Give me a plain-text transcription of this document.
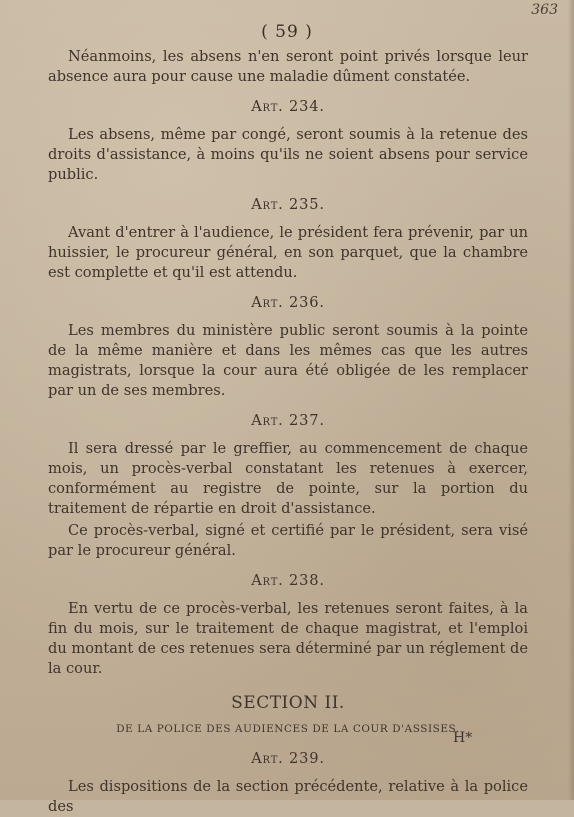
363
( 59 )

Néanmoins, les absens n'en seront point privés lorsque leur absence aura pour cause une maladie dûment constatée.

Art. 234.

Les absens, même par congé, seront soumis à la retenue des droits d'assistance, à moins qu'ils ne soient absens pour service public.

Art. 235.

Avant d'entrer à l'audience, le président fera prévenir, par un huissier, le procureur général, en son parquet, que la chambre est complette et qu'il est attendu.

Art. 236.

Les membres du ministère public seront soumis à la pointe de la même manière et dans les mêmes cas que les autres magistrats, lorsque la cour aura été obligée de les remplacer par un de ses membres.

Art. 237.

Il sera dressé par le greffier, au commencement de chaque mois, un procès-verbal constatant les retenues à exercer, conformément au registre de pointe, sur la portion du traitement de répartie en droit d'assistance.

Ce procès-verbal, signé et certifié par le président, sera visé par le procureur général.

Art. 238.

En vertu de ce procès-verbal, les retenues seront faites, à la fin du mois, sur le traitement de chaque magistrat, et l'emploi du montant de ces retenues sera déterminé par un réglement de la cour.

SECTION II.
DE LA POLICE DES AUDIENCES DE LA COUR D'ASSISES.
Art. 239.

Les dispositions de la section précédente, relative à la police des

H*
